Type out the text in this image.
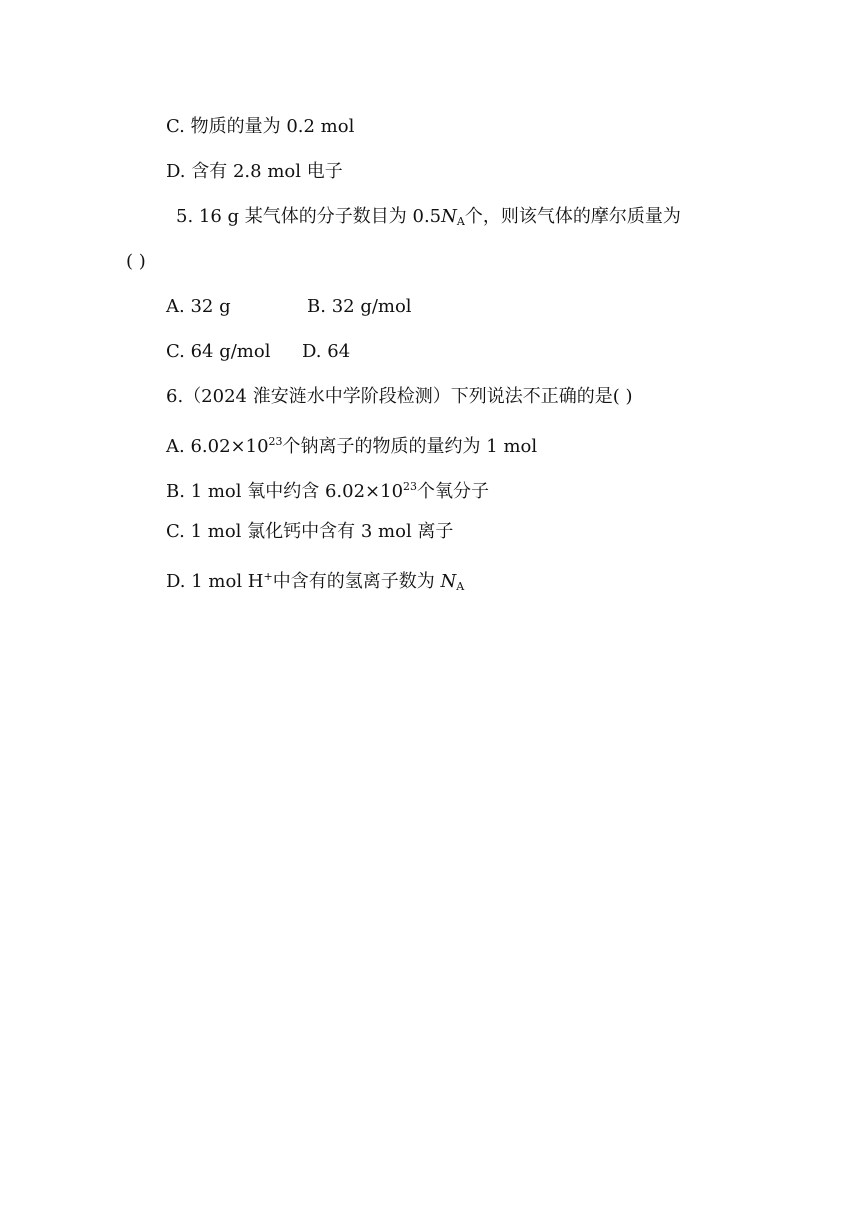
C. 物质的量为 0.2 mol
D. 含有 2.8 mol 电子
5. 16 g 某气体的分子数目为 $0.5N_A$个，则该气体的摩尔质量为
( )
A. 32 g	B. 32 g/mol
C. 64 g/mol D. 64
6.（2024 淮安涟水中学阶段检测）下列说法不正确的是( )
A. $6.02\times 10^{23}$个钠离子的物质的量约为 1 mol
B. 1 mol 氧中约含 $6.02\times 10^{23}$个氧分子
C. 1 mol 氯化钙中含有 3 mol 离子
D. 1 mol H+中含有的氢离子数为 $N_A$
